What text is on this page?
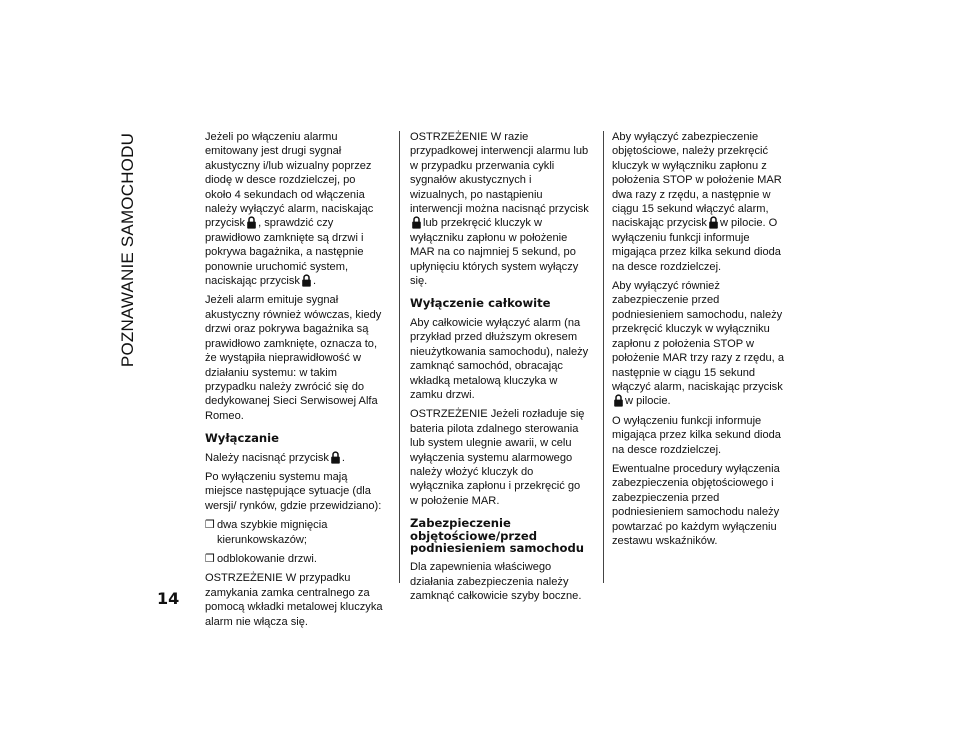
POZNAWANIE SAMOCHODU	Jeżeli po włączeniu alarmu emitowany jest drugi sygnał akustyczny i/lub wizualny poprzez diodę w desce rozdzielczej, po około 4 sekundach od włączenia należy wyłączyć alarm, naciskając przycisk , sprawdzić czy prawidłowo zamknięte są drzwi i pokrywa bagażnika, a następnie ponownie uruchomić system, naciskając przycisk .

Jeżeli alarm emituje sygnał akustyczny również wówczas, kiedy drzwi oraz pokrywa bagażnika są prawidłowo zamknięte, oznacza to, że wystąpiła nieprawidłowość w działaniu systemu: w takim przypadku należy zwrócić się do dedykowanej Sieci Serwisowej Alfa Romeo.

Wyłączanie

Należy nacisnąć przycisk .

Po wyłączeniu systemu mają miejsce następujące sytuacje (dla wersji/ rynków, gdzie przewidziano):

❒ dwa szybkie mignięcia kierunkowskazów;

❒ odblokowanie drzwi.

OSTRZEŻENIE W przypadku zamykania zamka centralnego za pomocą wkładki metalowej kluczyka alarm nie włącza się.

OSTRZEŻENIE W razie przypadkowej interwencji alarmu lub w przypadku przerwania cykli sygnałów akustycznych i wizualnych, po nastąpieniu interwencji można nacisnąć przycisk
lub przekręcić kluczyk w wyłączniku zapłonu w położenie MAR na co najmniej 5 sekund, po upłynięciu których system wyłączy się.

Wyłączenie całkowite

Aby całkowicie wyłączyć alarm (na przykład przed dłuższym okresem nieużytkowania samochodu), należy zamknąć samochód, obracając wkładką metalową kluczyka w zamku drzwi.

OSTRZEŻENIE Jeżeli rozładuje się bateria pilota zdalnego sterowania lub system ulegnie awarii, w celu wyłączenia systemu alarmowego należy włożyć kluczyk do wyłącznika zapłonu i przekręcić go w położenie MAR.

Zabezpieczenie objętościowe/przed podniesieniem samochodu

Dla zapewnienia właściwego działania zabezpieczenia należy zamknąć całkowicie szyby boczne.

Aby wyłączyć zabezpieczenie objętościowe, należy przekręcić kluczyk w wyłączniku zapłonu z położenia STOP w położenie MAR dwa razy z rzędu, a następnie w ciągu 15 sekund włączyć alarm, naciskając przycisk w pilocie. O wyłączeniu funkcji informuje migająca przez kilka sekund dioda na desce rozdzielczej.

Aby wyłączyć również zabezpieczenie przed podniesieniem samochodu, należy przekręcić kluczyk w wyłączniku zapłonu z położenia STOP w położenie MAR trzy razy z rzędu, a następnie w ciągu 15 sekund włączyć alarm, naciskając przycisk
w pilocie.

O wyłączeniu funkcji informuje migająca przez kilka sekund dioda na desce rozdzielczej.

Ewentualne procedury wyłączenia zabezpieczenia objętościowego i zabezpieczenia przed podniesieniem samochodu należy powtarzać po każdym wyłączeniu zestawu wskaźników.

14
